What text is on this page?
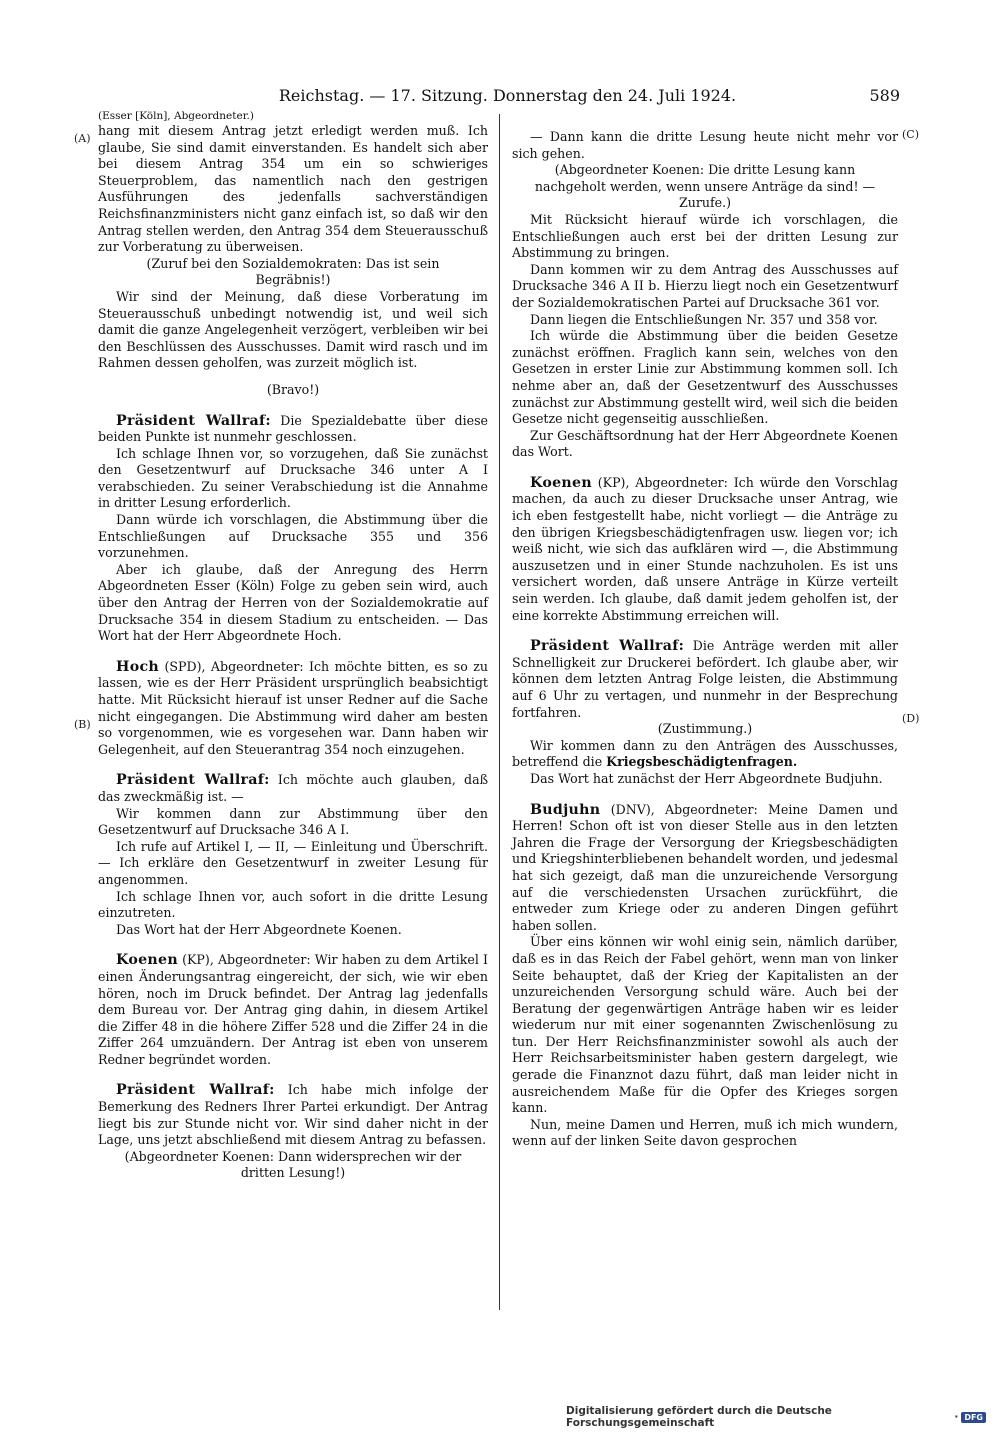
Reichstag. — 17. Sitzung. Donnerstag den 24. Juli 1924.	589
(A)
(B)
(C)
(D)

(Esser [Köln], Abgeordneter.)

hang mit diesem Antrag jetzt erledigt werden muß. Ich glaube, Sie sind damit einverstanden. Es handelt sich aber bei diesem Antrag 354 um ein so schwieriges Steuerproblem, das namentlich nach den gestrigen Ausführungen des jedenfalls sachverständigen Reichsfinanzministers nicht ganz einfach ist, so daß wir den Antrag stellen werden, den Antrag 354 dem Steuerausschuß zur Vorberatung zu überweisen.

(Zuruf bei den Sozialdemokraten: Das ist sein Begräbnis!)

Wir sind der Meinung, daß diese Vorberatung im Steuerausschuß unbedingt notwendig ist, und weil sich damit die ganze Angelegenheit verzögert, verbleiben wir bei den Beschlüssen des Ausschusses. Damit wird rasch und im Rahmen dessen geholfen, was zurzeit möglich ist.

(Bravo!)

Präsident Wallraf: Die Spezialdebatte über diese beiden Punkte ist nunmehr geschlossen.

Ich schlage Ihnen vor, so vorzugehen, daß Sie zunächst den Gesetzentwurf auf Drucksache 346 unter A I verabschieden. Zu seiner Verabschiedung ist die Annahme in dritter Lesung erforderlich.

Dann würde ich vorschlagen, die Abstimmung über die Entschließungen auf Drucksache 355 und 356 vorzunehmen.

Aber ich glaube, daß der Anregung des Herrn Abgeordneten Esser (Köln) Folge zu geben sein wird, auch über den Antrag der Herren von der Sozialdemokratie auf Drucksache 354 in diesem Stadium zu entscheiden. — Das Wort hat der Herr Abgeordnete Hoch.

Hoch (SPD), Abgeordneter: Ich möchte bitten, es so zu lassen, wie es der Herr Präsident ursprünglich beabsichtigt hatte. Mit Rücksicht hierauf ist unser Redner auf die Sache nicht eingegangen. Die Abstimmung wird daher am besten so vorgenommen, wie es vorgesehen war. Dann haben wir Gelegenheit, auf den Steuerantrag 354 noch einzugehen.

Präsident Wallraf: Ich möchte auch glauben, daß das zweckmäßig ist. —

Wir kommen dann zur Abstimmung über den Gesetzentwurf auf Drucksache 346 A I.

Ich rufe auf Artikel I, — II, — Einleitung und Überschrift. — Ich erkläre den Gesetzentwurf in zweiter Lesung für angenommen.

Ich schlage Ihnen vor, auch sofort in die dritte Lesung einzutreten.

Das Wort hat der Herr Abgeordnete Koenen.

Koenen (KP), Abgeordneter: Wir haben zu dem Artikel I einen Änderungsantrag eingereicht, der sich, wie wir eben hören, noch im Druck befindet. Der Antrag lag jedenfalls dem Bureau vor. Der Antrag ging dahin, in diesem Artikel die Ziffer 48 in die höhere Ziffer 528 und die Ziffer 24 in die Ziffer 264 umzuändern. Der Antrag ist eben von unserem Redner begründet worden.

Präsident Wallraf: Ich habe mich infolge der Bemerkung des Redners Ihrer Partei erkundigt. Der Antrag liegt bis zur Stunde nicht vor. Wir sind daher nicht in der Lage, uns jetzt abschließend mit diesem Antrag zu befassen.

(Abgeordneter Koenen: Dann widersprechen wir der dritten Lesung!)

— Dann kann die dritte Lesung heute nicht mehr vor sich gehen.

(Abgeordneter Koenen: Die dritte Lesung kann nachgeholt werden, wenn unsere Anträge da sind! — Zurufe.)

Mit Rücksicht hierauf würde ich vorschlagen, die Entschließungen auch erst bei der dritten Lesung zur Abstimmung zu bringen.

Dann kommen wir zu dem Antrag des Ausschusses auf Drucksache 346 A II b. Hierzu liegt noch ein Gesetzentwurf der Sozialdemokratischen Partei auf Drucksache 361 vor.

Dann liegen die Entschließungen Nr. 357 und 358 vor.

Ich würde die Abstimmung über die beiden Gesetze zunächst eröffnen. Fraglich kann sein, welches von den Gesetzen in erster Linie zur Abstimmung kommen soll. Ich nehme aber an, daß der Gesetzentwurf des Ausschusses zunächst zur Abstimmung gestellt wird, weil sich die beiden Gesetze nicht gegenseitig ausschließen.

Zur Geschäftsordnung hat der Herr Abgeordnete Koenen das Wort.

Koenen (KP), Abgeordneter: Ich würde den Vorschlag machen, da auch zu dieser Drucksache unser Antrag, wie ich eben festgestellt habe, nicht vorliegt — die Anträge zu den übrigen Kriegsbeschädigtenfragen usw. liegen vor; ich weiß nicht, wie sich das aufklären wird —, die Abstimmung auszusetzen und in einer Stunde nachzuholen. Es ist uns versichert worden, daß unsere Anträge in Kürze verteilt sein werden. Ich glaube, daß damit jedem geholfen ist, der eine korrekte Abstimmung erreichen will.

Präsident Wallraf: Die Anträge werden mit aller Schnelligkeit zur Druckerei befördert. Ich glaube aber, wir können dem letzten Antrag Folge leisten, die Abstimmung auf 6 Uhr zu vertagen, und nunmehr in der Besprechung fortfahren.

(Zustimmung.)

Wir kommen dann zu den Anträgen des Ausschusses, betreffend die Kriegsbeschädigtenfragen.

Das Wort hat zunächst der Herr Abgeordnete Budjuhn.

Budjuhn (DNV), Abgeordneter: Meine Damen und Herren! Schon oft ist von dieser Stelle aus in den letzten Jahren die Frage der Versorgung der Kriegsbeschädigten und Kriegshinterbliebenen behandelt worden, und jedesmal hat sich gezeigt, daß man die unzureichende Versorgung auf die verschiedensten Ursachen zurückführt, die entweder zum Kriege oder zu anderen Dingen geführt haben sollen.

Über eins können wir wohl einig sein, nämlich darüber, daß es in das Reich der Fabel gehört, wenn man von linker Seite behauptet, daß der Krieg der Kapitalisten an der unzureichenden Versorgung schuld wäre. Auch bei der Beratung der gegenwärtigen Anträge haben wir es leider wiederum nur mit einer sogenannten Zwischenlösung zu tun. Der Herr Reichsfinanzminister sowohl als auch der Herr Reichsarbeitsminister haben gestern dargelegt, wie gerade die Finanznot dazu führt, daß man leider nicht in ausreichendem Maße für die Opfer des Krieges sorgen kann.

Nun, meine Damen und Herren, muß ich mich wundern, wenn auf der linken Seite davon gesprochen

Digitalisierung gefördert durch die Deutsche Forschungsgemeinschaft	· DFG
